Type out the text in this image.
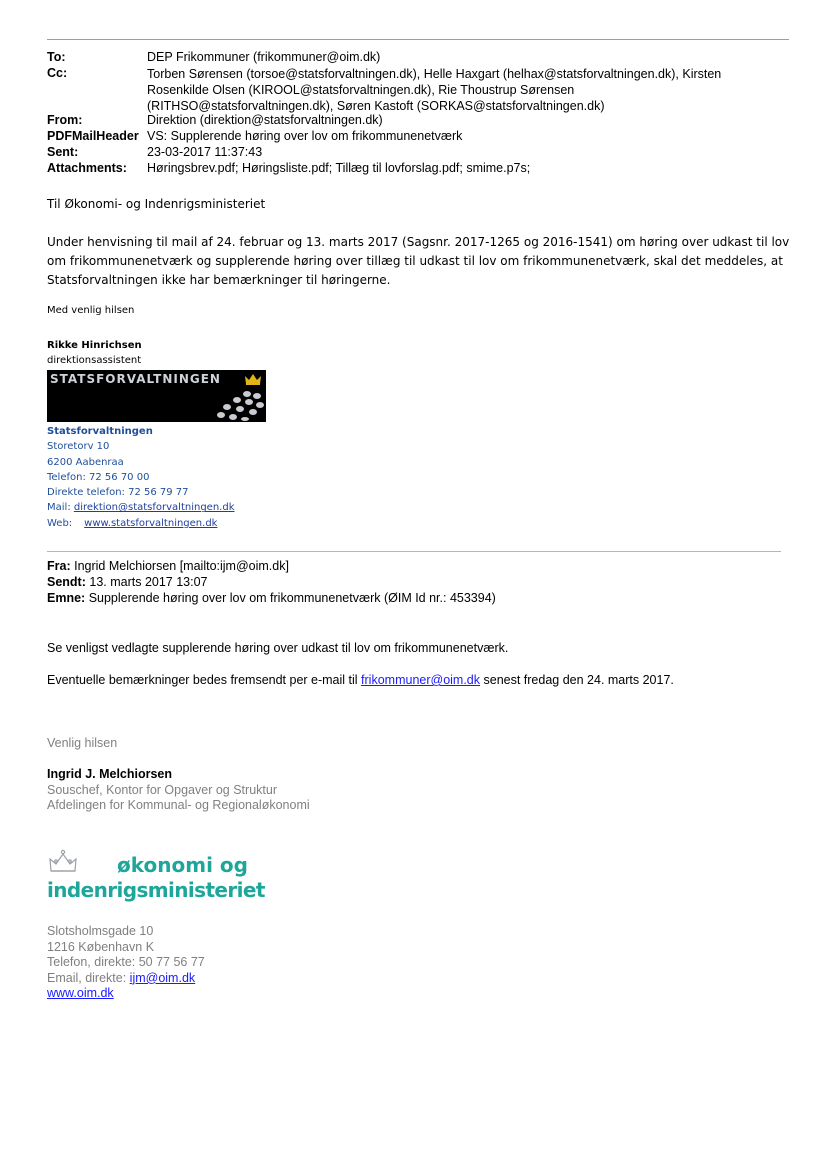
To:	DEP Frikommuner (frikommuner@oim.dk)
Cc:	Torben Sørensen (torsoe@statsforvaltningen.dk), Helle Haxgart (helhax@statsforvaltningen.dk), Kirsten
Rosenkilde Olsen (KIROOL@statsforvaltningen.dk), Rie Thoustrup Sørensen
(RITHSO@statsforvaltningen.dk), Søren Kastoft (SORKAS@statsforvaltningen.dk)
From:	Direktion (direktion@statsforvaltningen.dk)
PDFMailHeader VS: Supplerende høring over lov om frikommunenetværk
Sent:	23-03-2017 11:37:43
Attachments: Høringsbrev.pdf; Høringsliste.pdf; Tillæg til lovforslag.pdf; smime.p7s;
Til Økonomi- og Indenrigsministeriet
Under henvisning til mail af 24. februar og 13. marts 2017 (Sagsnr. 2017-1265 og 2016-1541) om høring over udkast til lov
om frikommunenetværk og supplerende høring over tillæg til udkast til lov om frikommunenetværk, skal det meddeles, at
Statsforvaltningen ikke har bemærkninger til høringerne.
Med venlig hilsen
Rikke Hinrichsen
direktionsassistent
STATSFORVALTNINGEN
Statsforvaltningen
Storetorv 10
6200 Aabenraa
Telefon: 72 56 70 00
Direkte telefon: 72 56 79 77
Mail: direktion@statsforvaltningen.dk
Web: www.statsforvaltningen.dk
Fra: Ingrid Melchiorsen [mailto:ijm@oim.dk]
Sendt: 13. marts 2017 13:07
Emne: Supplerende høring over lov om frikommunenetværk (ØIM Id nr.: 453394)
Se venligst vedlagte supplerende høring over udkast til lov om frikommunenetværk.
Eventuelle bemærkninger bedes fremsendt per e-mail til frikommuner@oim.dk senest fredag den 24. marts 2017.
Venlig hilsen
Ingrid J. Melchiorsen
Souschef, Kontor for Opgaver og Struktur
Afdelingen for Kommunal- og Regionaløkonomi
økonomi og
indenrigsministeriet
Slotsholmsgade 10
1216 København K
Telefon, direkte: 50 77 56 77
Email, direkte: ijm@oim.dk
www.oim.dk
